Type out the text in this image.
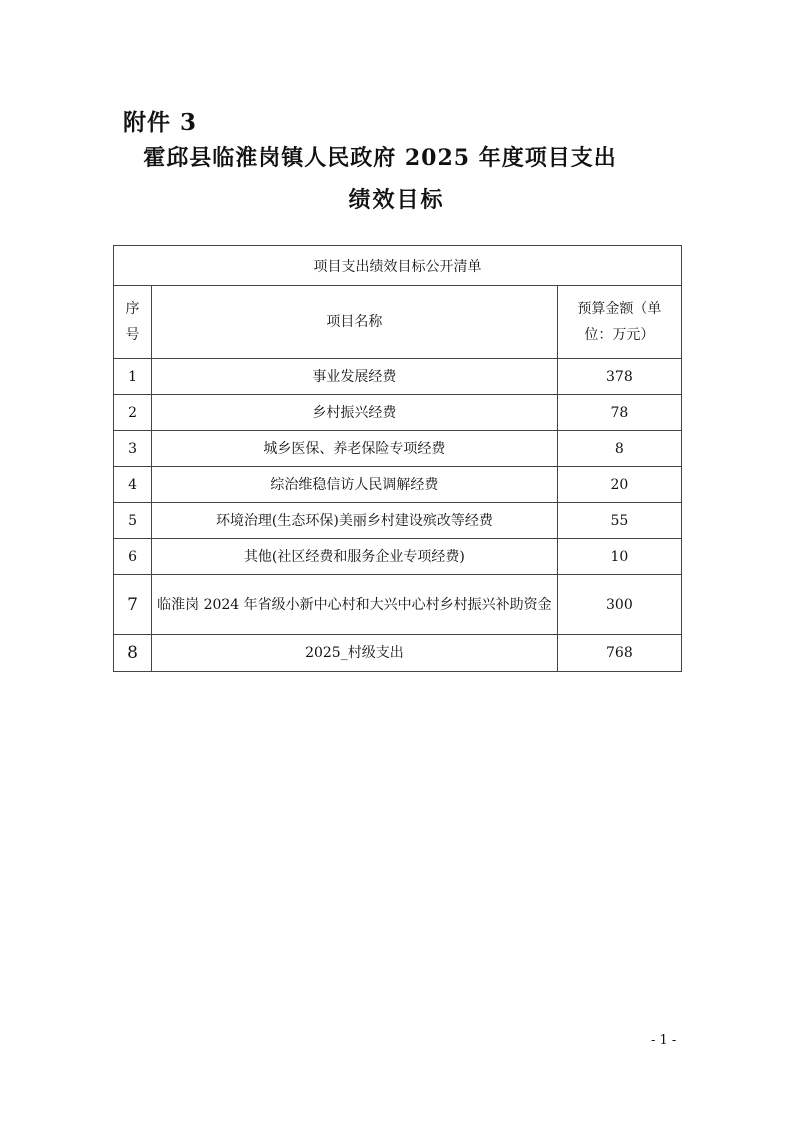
附件 3
霍邱县临淮岗镇人民政府 2025 年度项目支出
绩效目标
项目支出绩效目标公开清单		
序号	项目名称	预算金额（单位：万元）
1	事业发展经费	378
2	乡村振兴经费	78
3	城乡医保、养老保险专项经费	8
4	综治维稳信访人民调解经费	20
5	环境治理(生态环保)美丽乡村建设殡改等经费	55
6	其他(社区经费和服务企业专项经费)	10
7	临淮岗 2024 年省级小新中心村和大兴中心村乡村振兴补助资金	300
8	2025_村级支出	768
- 1 -
